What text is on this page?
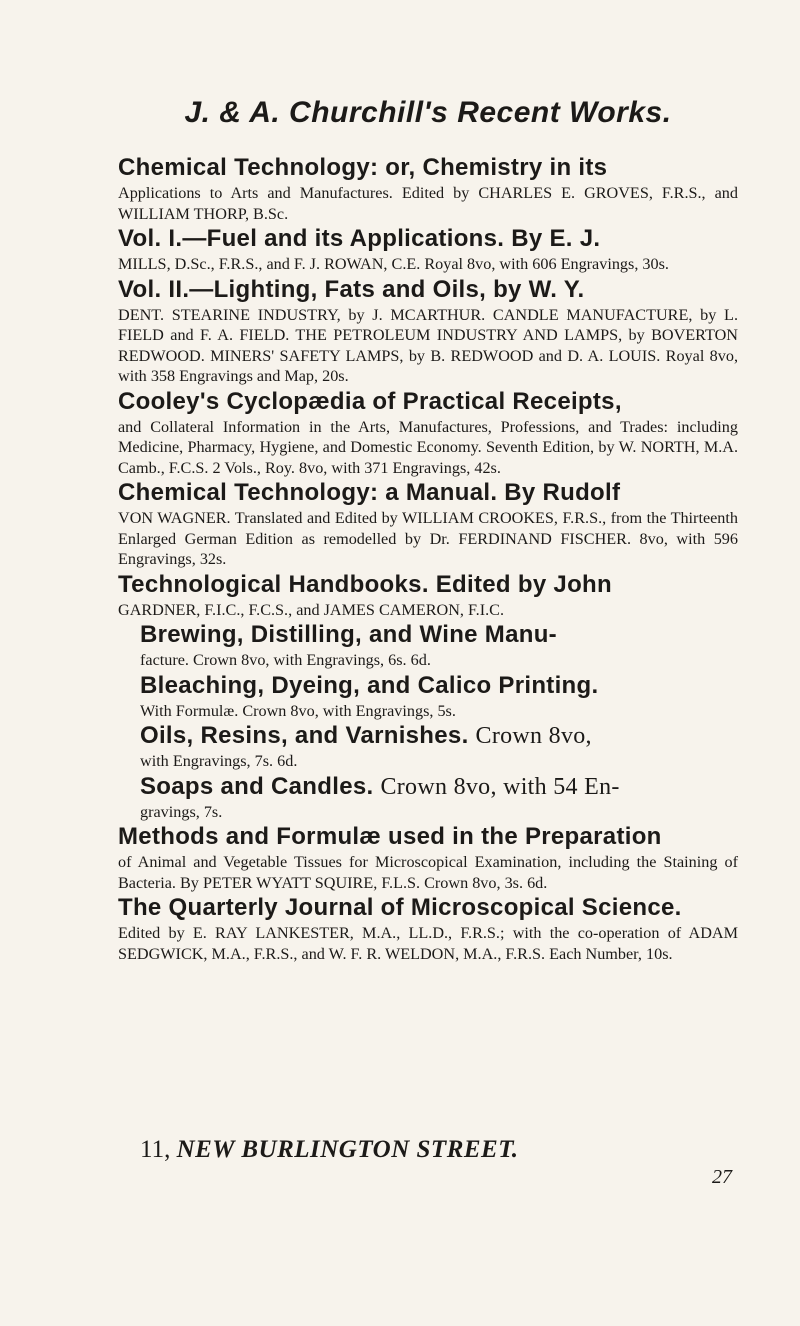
J. & A. Churchill's Recent Works.
Chemical Technology: or, Chemistry in its
Applications to Arts and Manufactures. Edited by CHARLES E. GROVES, F.R.S., and WILLIAM THORP, B.Sc.
Vol. I.—Fuel and its Applications. By E. J.
MILLS, D.Sc., F.R.S., and F. J. ROWAN, C.E. Royal 8vo, with 606 Engravings, 30s.
Vol. II.—Lighting, Fats and Oils, by W. Y.
DENT. STEARINE INDUSTRY, by J. MCARTHUR. CANDLE MANUFACTURE, by L. FIELD and F. A. FIELD. THE PETROLEUM INDUSTRY AND LAMPS, by BOVERTON REDWOOD. MINERS' SAFETY LAMPS, by B. REDWOOD and D. A. LOUIS. Royal 8vo, with 358 Engravings and Map, 20s.
Cooley's Cyclopædia of Practical Receipts,
and Collateral Information in the Arts, Manufactures, Professions, and Trades: including Medicine, Pharmacy, Hygiene, and Domestic Economy. Seventh Edition, by W. NORTH, M.A. Camb., F.C.S. 2 Vols., Roy. 8vo, with 371 Engravings, 42s.
Chemical Technology: a Manual. By Rudolf
VON WAGNER. Translated and Edited by WILLIAM CROOKES, F.R.S., from the Thirteenth Enlarged German Edition as remodelled by Dr. FERDINAND FISCHER. 8vo, with 596 Engravings, 32s.
Technological Handbooks. Edited by John
GARDNER, F.I.C., F.C.S., and JAMES CAMERON, F.I.C.
Brewing, Distilling, and Wine Manu-
facture. Crown 8vo, with Engravings, 6s. 6d.
Bleaching, Dyeing, and Calico Printing.
With Formulæ. Crown 8vo, with Engravings, 5s.
Oils, Resins, and Varnishes. Crown 8vo,
with Engravings, 7s. 6d.
Soaps and Candles. Crown 8vo, with 54 En-
gravings, 7s.
Methods and Formulæ used in the Preparation
of Animal and Vegetable Tissues for Microscopical Examination, including the Staining of Bacteria. By PETER WYATT SQUIRE, F.L.S. Crown 8vo, 3s. 6d.
The Quarterly Journal of Microscopical Science.
Edited by E. RAY LANKESTER, M.A., LL.D., F.R.S.; with the co-operation of ADAM SEDGWICK, M.A., F.R.S., and W. F. R. WELDON, M.A., F.R.S. Each Number, 10s.
11, NEW BURLINGTON STREET.
27
